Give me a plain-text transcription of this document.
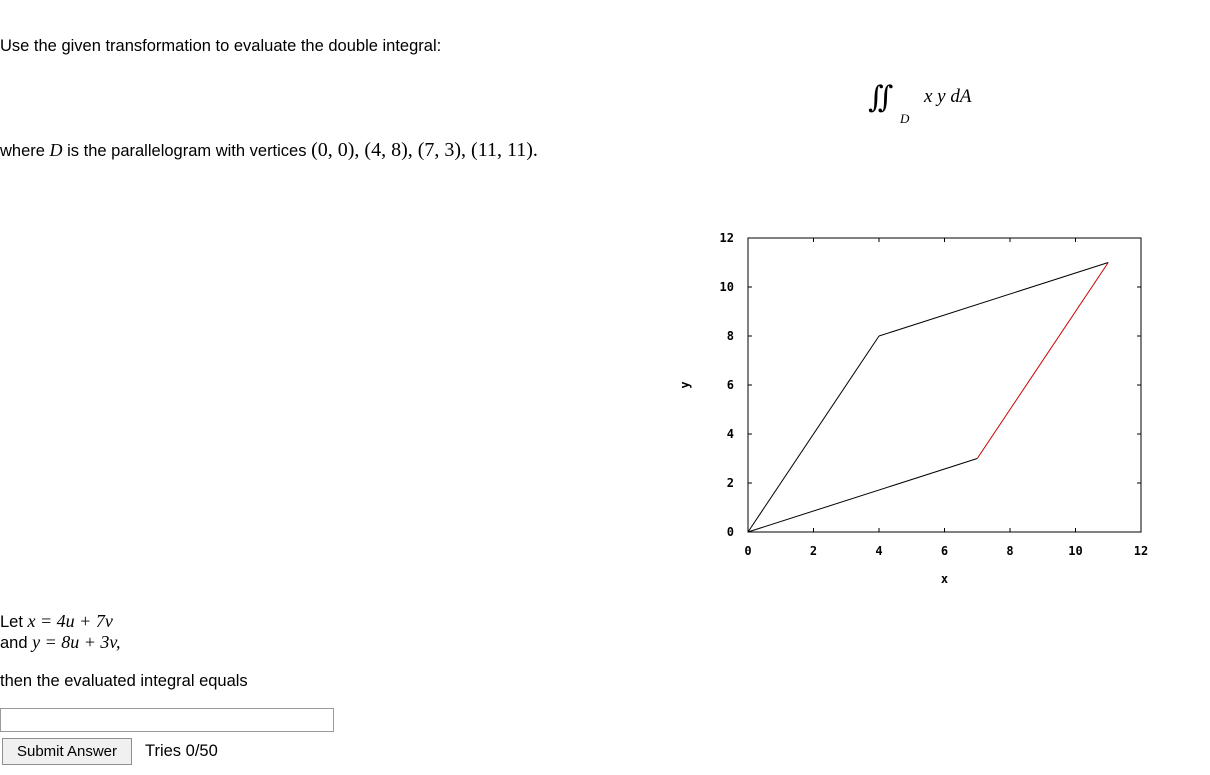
Use the given transformation to evaluate the double integral:
∫∫
D
x y dA
where D is the parallelogram with vertices (0, 0), (4, 8), (7, 3), (11, 11).
0	2	4	6	8	10	12
0
2
4
6
8
10
12
x
y
Let x = 4u + 7v
and y = 8u + 3v,
then the evaluated integral equals
Submit Answer	Tries 0/50
